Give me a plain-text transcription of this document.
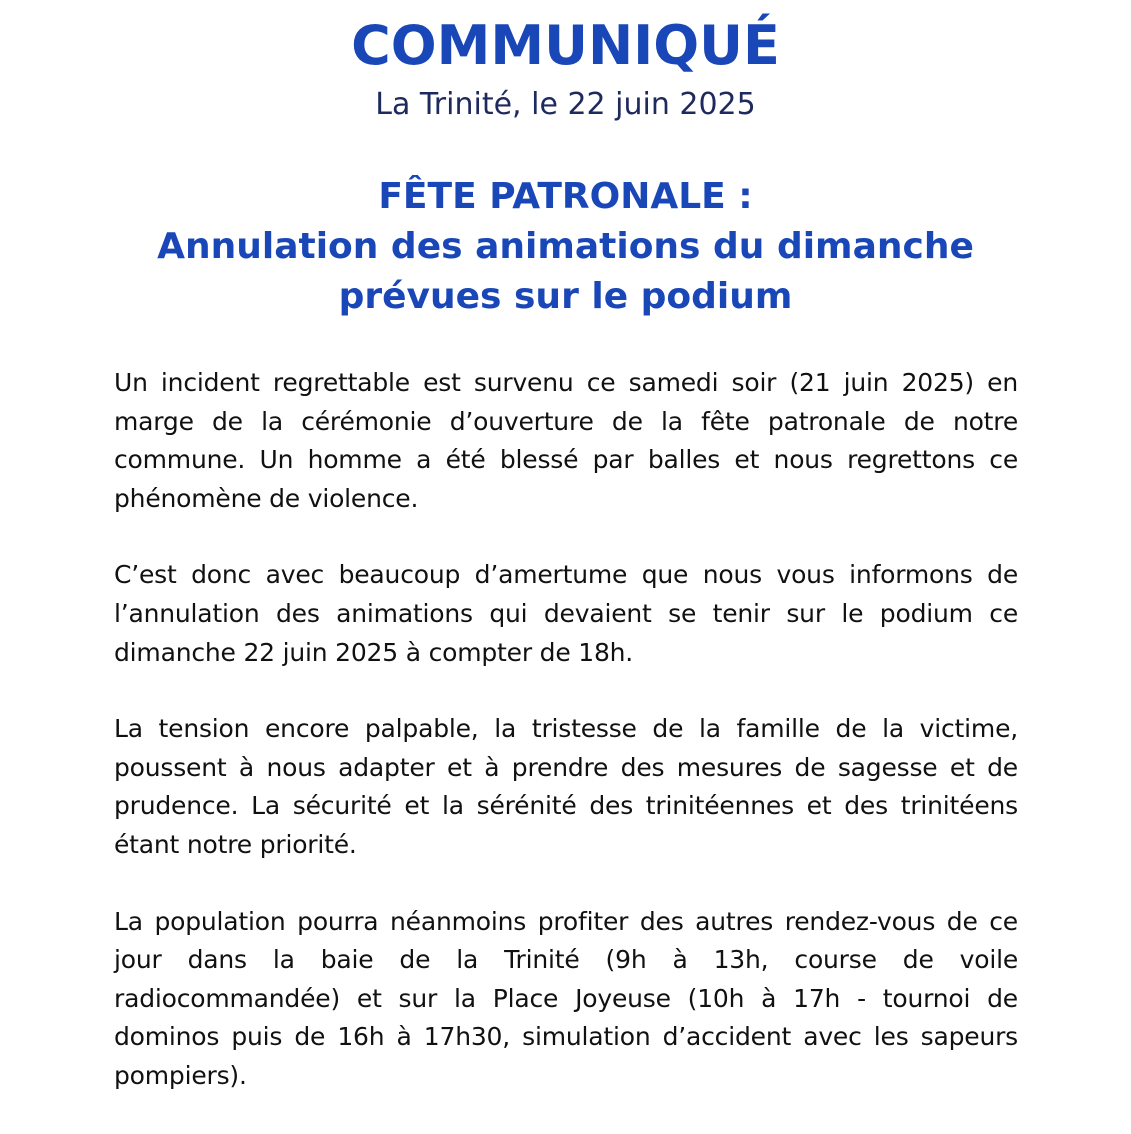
COMMUNIQUÉ
La Trinité, le 22 juin 2025
FÊTE PATRONALE :
Annulation des animations du dimanche
prévues sur le podium

Un incident regrettable est survenu ce samedi soir (21 juin 2025) en marge de la cérémonie d’ouverture de la fête patronale de notre commune. Un homme a été blessé par balles et nous regrettons ce phénomène de violence.

C’est donc avec beaucoup d’amertume que nous vous informons de l’annulation des animations qui devaient se tenir sur le podium ce dimanche 22 juin 2025 à compter de 18h.

La tension encore palpable, la tristesse de la famille de la victime, poussent à nous adapter et à prendre des mesures de sagesse et de prudence. La sécurité et la sérénité des trinitéennes et des trinitéens étant notre priorité.

La population pourra néanmoins profiter des autres rendez-vous de ce jour dans la baie de la Trinité (9h à 13h, course de voile radiocommandée) et sur la Place Joyeuse (10h à 17h - tournoi de dominos puis de 16h à 17h30, simulation d’accident avec les sapeurs pompiers).
